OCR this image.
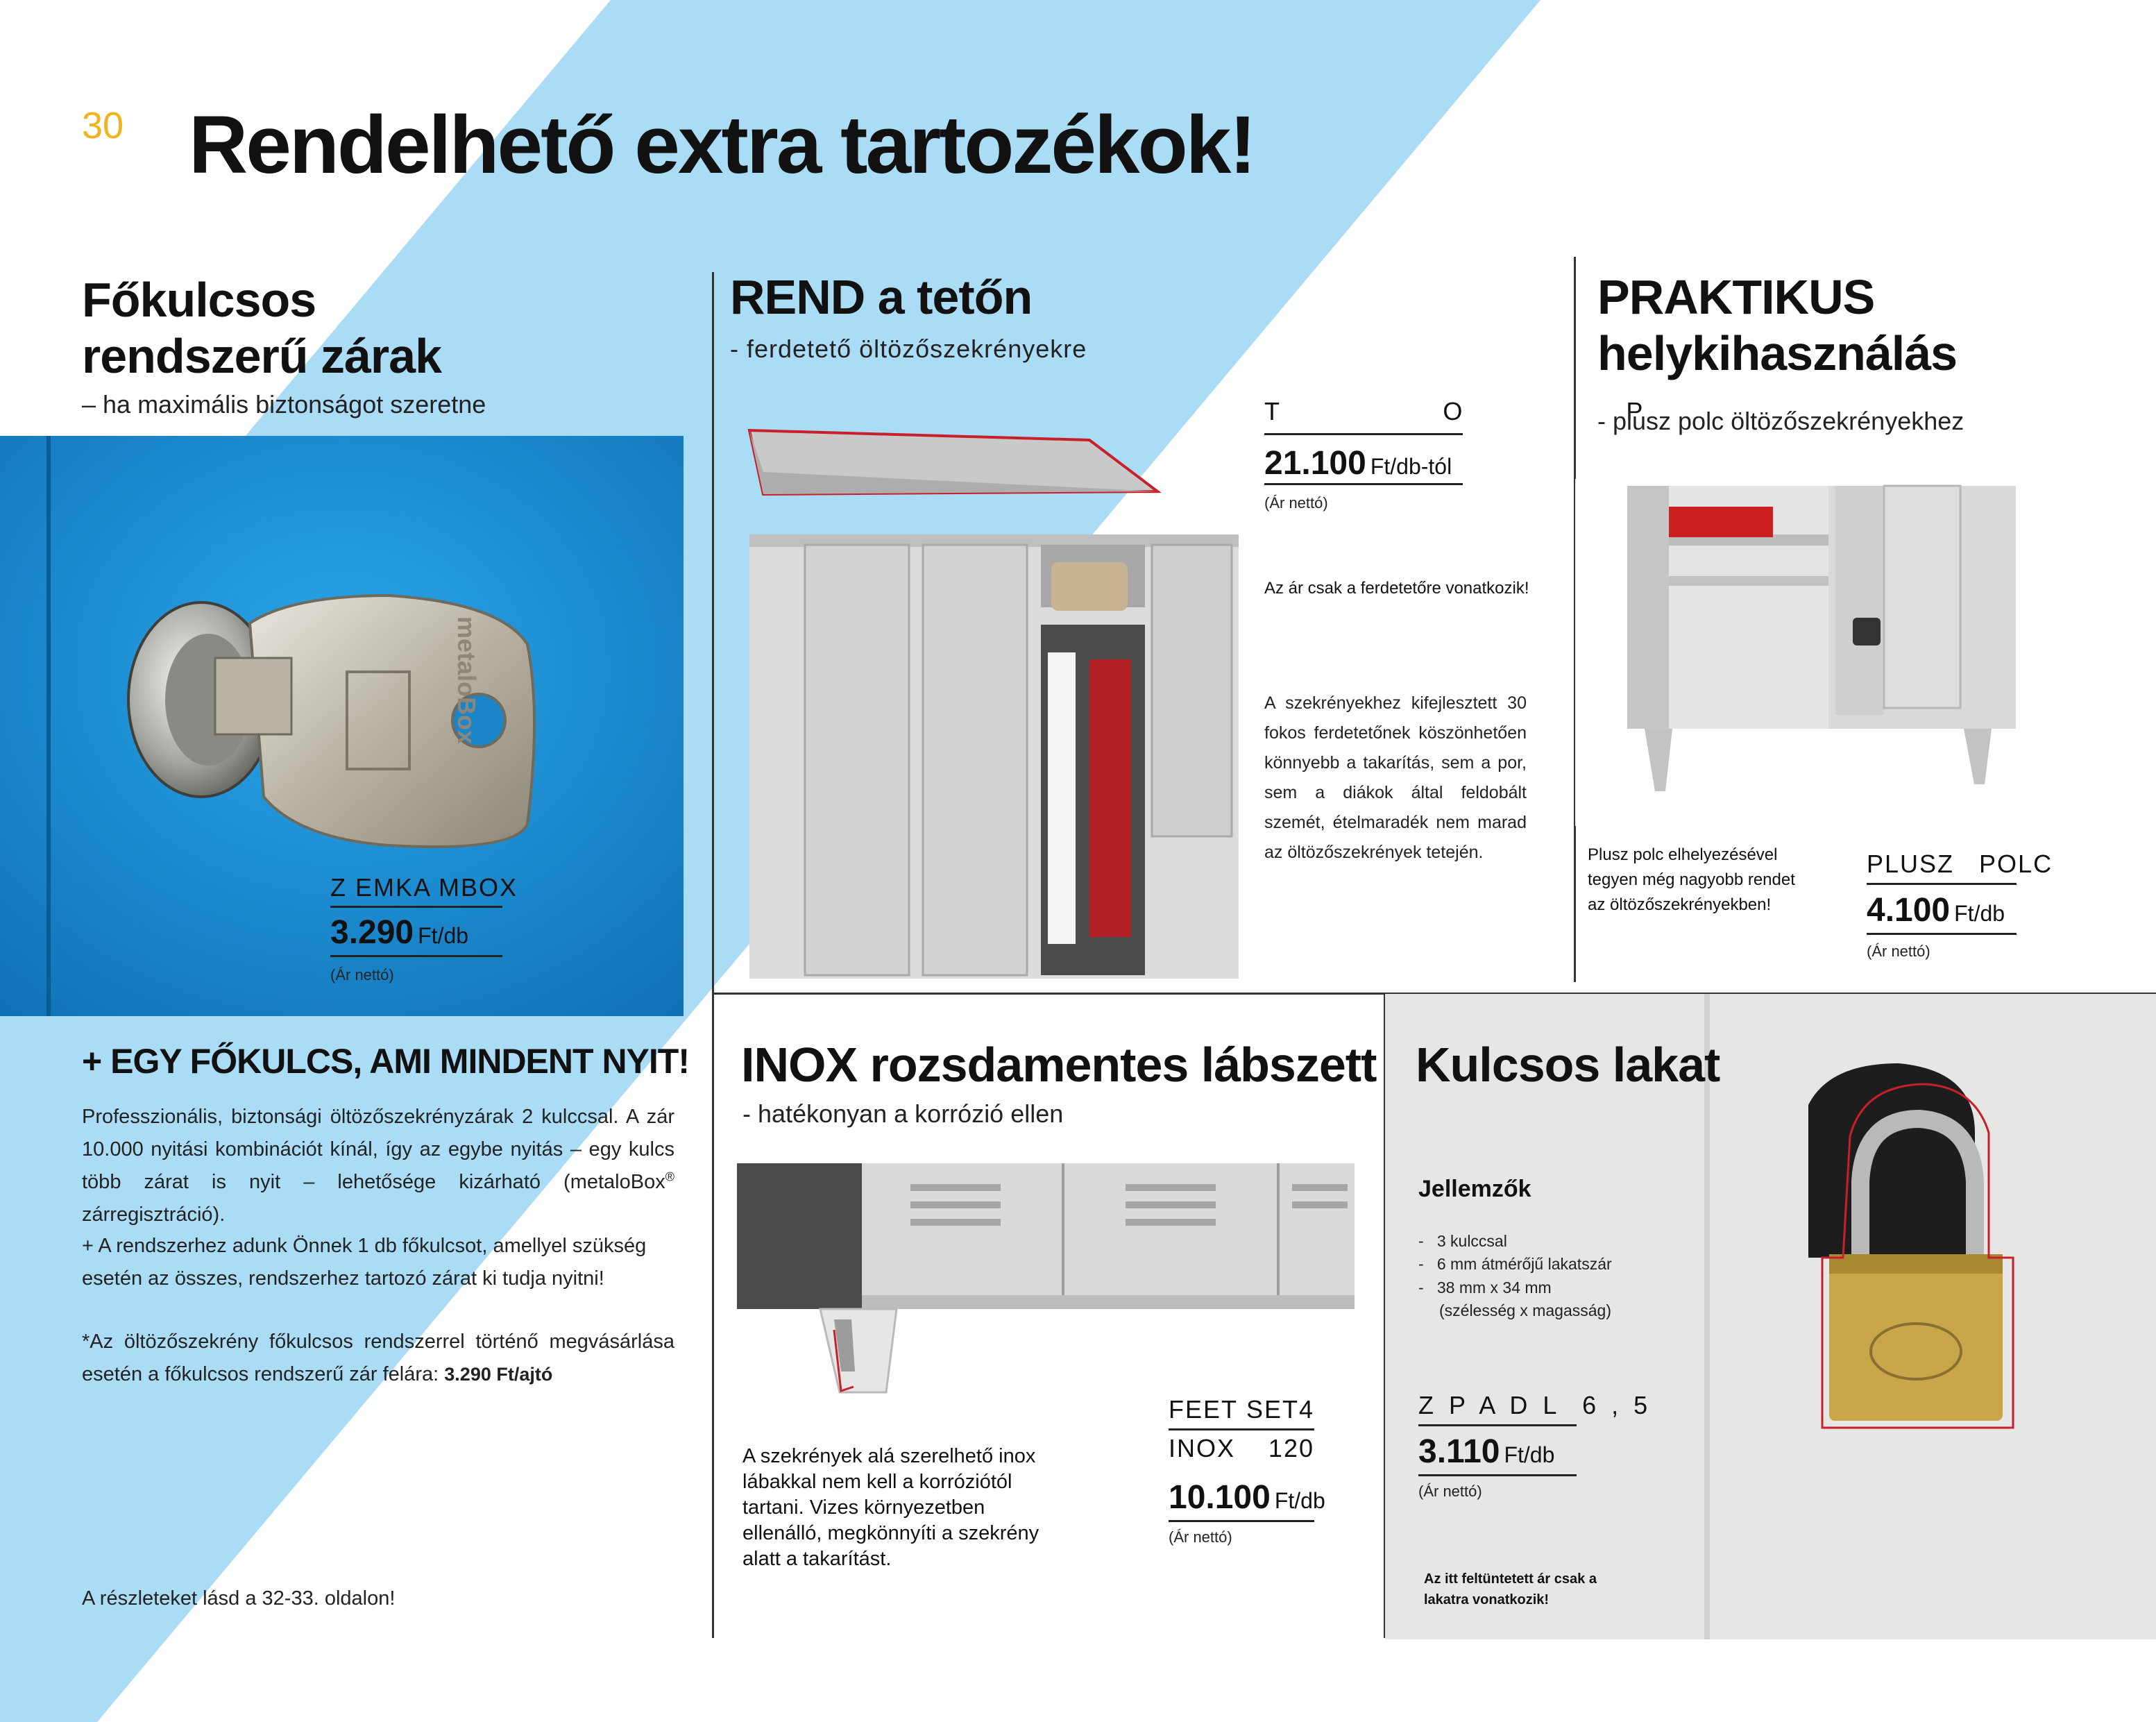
30 Rendelhető extra tartozékok!
Főkulcsos
rendszerű zárak
– ha maximális biztonságot szeretne
metaloBox
Z EMKA MBOX
3.290 Ft/db
(Ár nettó)
+ EGY FŐKULCS, AMI MINDENT NYIT!
Professzionális, biztonsági öltözőszekrényzárak 2 kulccsal. A zár 10.000 nyitási kombinációt kínál, így az egybe nyitás – egy kulcs több zárat is nyit – lehetősége kizárható (metaloBox® zárregisztráció).
+ A rendszerhez adunk Önnek 1 db főkulcsot, amellyel szükség esetén az összes, rendszerhez tartozó zárat ki tudja nyitni!
*Az öltözőszekrény főkulcsos rendszerrel történő megvásárlása esetén a főkulcsos rendszerű zár felára: 3.290 Ft/ajtó
A részleteket lásd a 32-33. oldalon!
REND a tetőn
- ferdetető öltözőszekrényekre
T  O  P
21.100 Ft/db-tól
(Ár nettó)
Az ár csak a ferdetetőre vonatkozik!
A szekrényekhez kifejlesztett 30 fokos ferdetetőnek köszönhetően könnyebb a takarítás, sem a por, sem a diákok által feldobált szemét, ételmaradék nem marad az öltözőszekrények tetején.
PRAKTIKUS
helykihasználás
- plusz polc öltözőszekrényekhez
Plusz polc elhelyezésével tegyen még nagyobb rendet az öltözőszekrényekben!
PLUSZ   POLC
4.100 Ft/db
(Ár nettó)
INOX rozsdamentes lábszett
- hatékonyan a korrózió ellen
A szekrények alá szerelhető inox lábakkal nem kell a korróziótól tartani. Vizes környezetben ellenálló, megkönnyíti a szekrény alatt a takarítást.
FEET SET4
INOX 120
10.100 Ft/db
(Ár nettó)
Kulcsos lakat
Jellemzők
-   3 kulccsal
-   6 mm átmérőjű lakatszár
-   38 mm x 34 mm
(szélesség x magasság)
Z P A D L  6 , 5
3.110 Ft/db
(Ár nettó)
Az itt feltüntetett ár csak a lakatra vonatkozik!
